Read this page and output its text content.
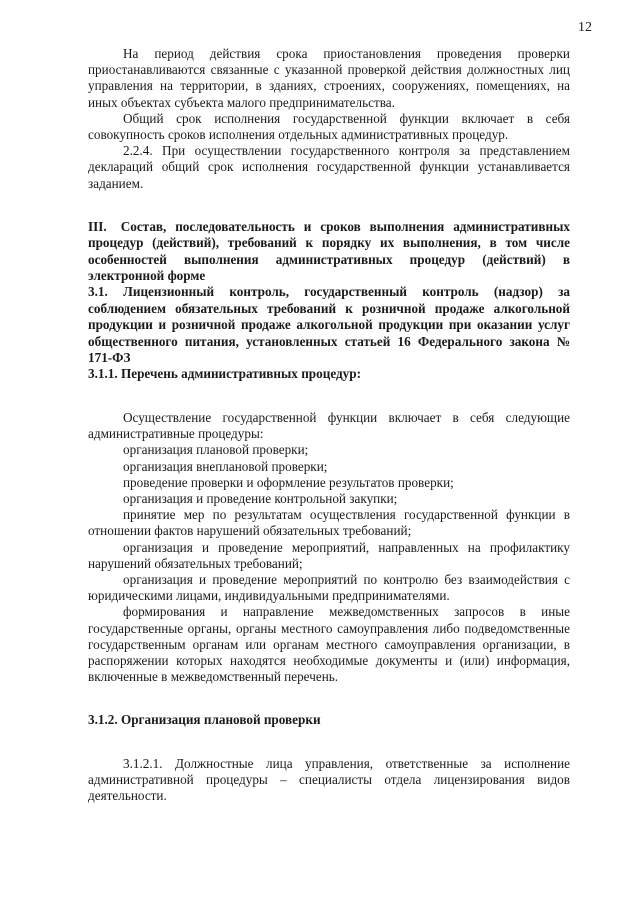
12

На период действия срока приостановления проведения проверки приостанавливаются связанные с указанной проверкой действия должностных лиц управления на территории, в зданиях, строениях, сооружениях, помещениях, на иных объектах субъекта малого предпринимательства.

Общий срок исполнения государственной функции включает в себя совокупность сроков исполнения отдельных административных процедур.

2.2.4. При осуществлении государственного контроля за представлением деклараций общий срок исполнения государственной функции устанавливается заданием.

III. Состав, последовательность и сроков выполнения административных процедур (действий), требований к порядку их выполнения, в том числе особенностей выполнения административных процедур (действий) в электронной форме

3.1. Лицензионный контроль, государственный контроль (надзор) за соблюдением обязательных требований к розничной продаже алкогольной продукции и розничной продаже алкогольной продукции при оказании услуг общественного питания, установленных статьей 16 Федерального закона № 171-ФЗ

3.1.1. Перечень административных процедур:

Осуществление государственной функции включает в себя следующие административные процедуры:

организация плановой проверки;

организация внеплановой проверки;

проведение проверки и оформление результатов проверки;

организация и проведение контрольной закупки;

принятие мер по результатам осуществления государственной функции в отношении фактов нарушений обязательных требований;

организация и проведение мероприятий, направленных на профилактику нарушений обязательных требований;

организация и проведение мероприятий по контролю без взаимодействия с юридическими лицами, индивидуальными предпринимателями.

формирования и направление межведомственных запросов в иные государственные органы, органы местного самоуправления либо подведомственные государственным органам или органам местного самоуправления организации, в распоряжении которых находятся необходимые документы и (или) информация, включенные в межведомственный перечень.

3.1.2. Организация плановой проверки

3.1.2.1. Должностные лица управления, ответственные за исполнение административной процедуры – специалисты отдела лицензирования видов деятельности.
